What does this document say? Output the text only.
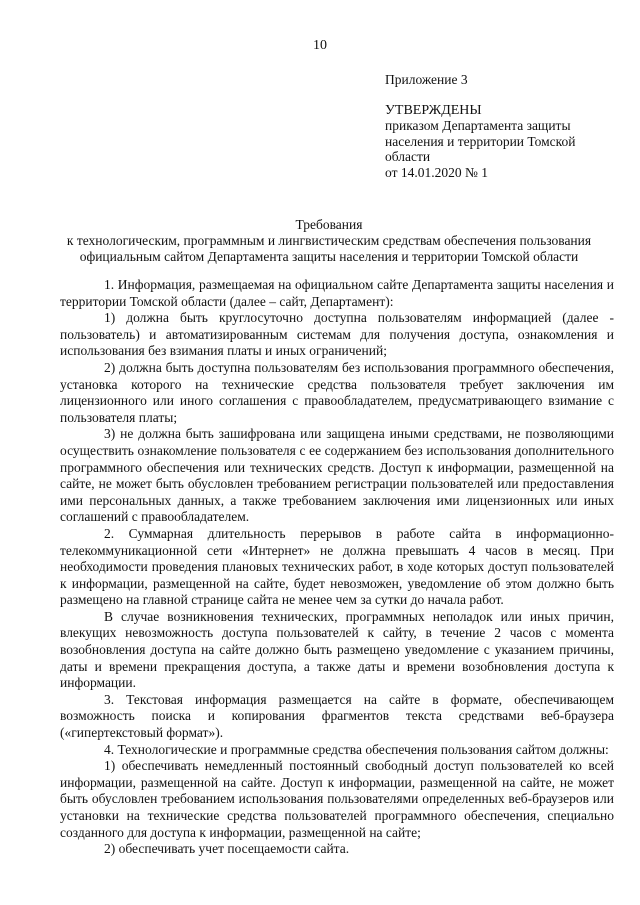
10
Приложение 3
УТВЕРЖДЕНЫ
приказом Департамента защиты
населения и территории Томской
области
от 14.01.2020 № 1
Требования
к технологическим, программным и лингвистическим средствам обеспечения пользования
официальным сайтом Департамента защиты населения и территории Томской области

1. Информация, размещаемая на официальном сайте Департамента защиты населения и территории Томской области (далее – сайт, Департамент):

1) должна быть круглосуточно доступна пользователям информацией (далее - пользователь) и автоматизированным системам для получения доступа, ознакомления и использования без взимания платы и иных ограничений;

2) должна быть доступна пользователям без использования программного обеспечения, установка которого на технические средства пользователя требует заключения им лицензионного или иного соглашения с правообладателем, предусматривающего взимание с пользователя платы;

3) не должна быть зашифрована или защищена иными средствами, не позволяющими осуществить ознакомление пользователя с ее содержанием без использования дополнительного программного обеспечения или технических средств. Доступ к информации, размещенной на сайте, не может быть обусловлен требованием регистрации пользователей или предоставления ими персональных данных, а также требованием заключения ими лицензионных или иных соглашений с правообладателем.

2. Суммарная длительность перерывов в работе сайта в информационно-телекоммуникационной сети «Интернет» не должна превышать 4 часов в месяц. При необходимости проведения плановых технических работ, в ходе которых доступ пользователей к информации, размещенной на сайте, будет невозможен, уведомление об этом должно быть размещено на главной странице сайта не менее чем за сутки до начала работ.

В случае возникновения технических, программных неполадок или иных причин, влекущих невозможность доступа пользователей к сайту, в течение 2 часов с момента возобновления доступа на сайте должно быть размещено уведомление с указанием причины, даты и времени прекращения доступа, а также даты и времени возобновления доступа к информации.

3. Текстовая информация размещается на сайте в формате, обеспечивающем возможность поиска и копирования фрагментов текста средствами веб-браузера («гипертекстовый формат»).

4. Технологические и программные средства обеспечения пользования сайтом должны:

1) обеспечивать немедленный постоянный свободный доступ пользователей ко всей информации, размещенной на сайте. Доступ к информации, размещенной на сайте, не может быть обусловлен требованием использования пользователями определенных веб-браузеров или установки на технические средства пользователей программного обеспечения, специально созданного для доступа к информации, размещенной на сайте;

2) обеспечивать учет посещаемости сайта.
